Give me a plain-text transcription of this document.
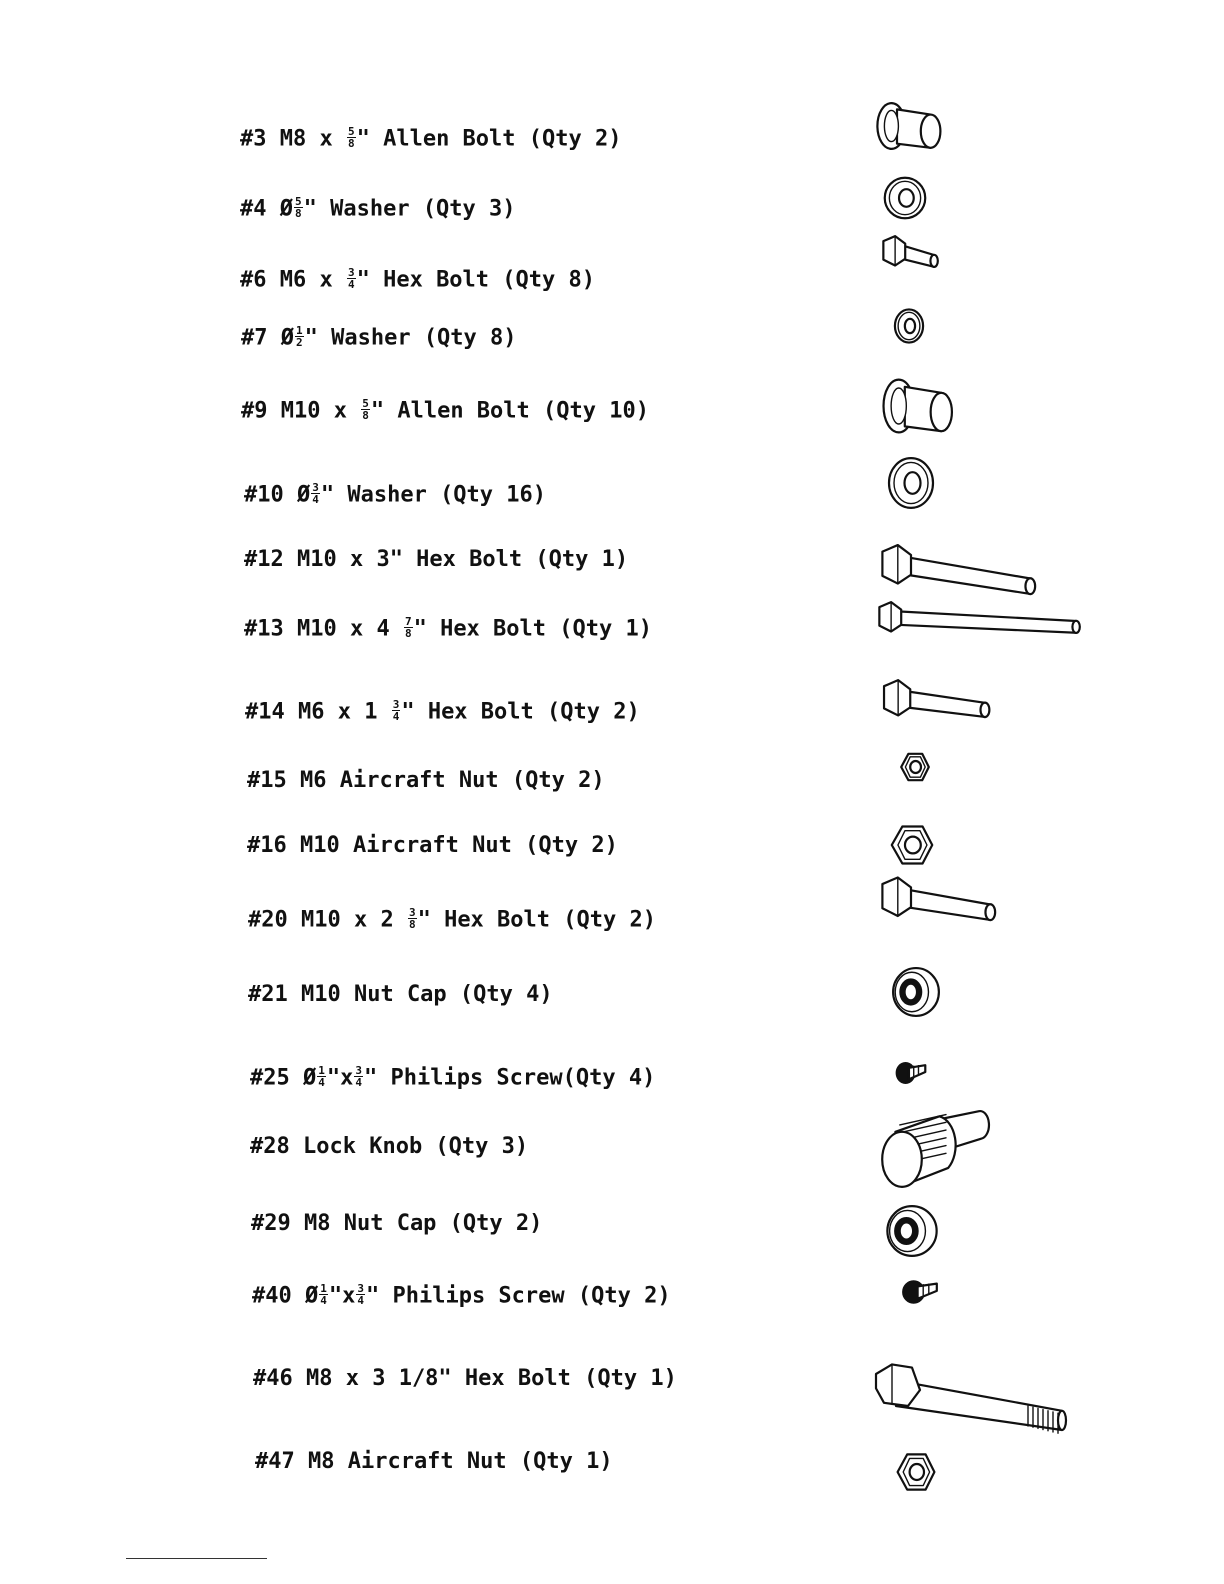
#3 M8 x $\frac{5}{8}$ " Allen Bolt (Qty 2)
#4 Ø $\frac{5}{8}$ " Washer (Qty 3)
#6 M6 x $\frac{3}{4}$ " Hex Bolt (Qty 8)
#7 Ø $\frac{1}{2}$ " Washer (Qty 8)
#9 M10 x $\frac{5}{8}$ " Allen Bolt (Qty 10)
#10 Ø $\frac{3}{4}$ " Washer (Qty 16)
#12 M10 x 3" Hex Bolt (Qty 1)
#13 M10 x $4 \frac{7}{8}$ " Hex Bolt (Qty 1)
#14 M6 x $1 \frac{3}{4}$ " Hex Bolt (Qty 2)
#15 M6 Aircraft Nut (Qty 2)
#16 M10 Aircraft Nut (Qty 2)
#20 M10 x $2 \frac{3}{8}$ " Hex Bolt (Qty 2)
#21 M10 Nut Cap (Qty 4)
#25 Ø $\frac{1}{4}$ "$x \frac{3}{4}$ " Philips Screw(Qty 4)
#28 Lock Knob (Qty 3)
#29 M8 Nut Cap (Qty 2)
#40 Ø $\frac{1}{4}$ "$x \frac{3}{4}$ " Philips Screw (Qty 2)
#46 M8 x 3 1/8" Hex Bolt (Qty 1)
#47 M8 Aircraft Nut (Qty 1)
